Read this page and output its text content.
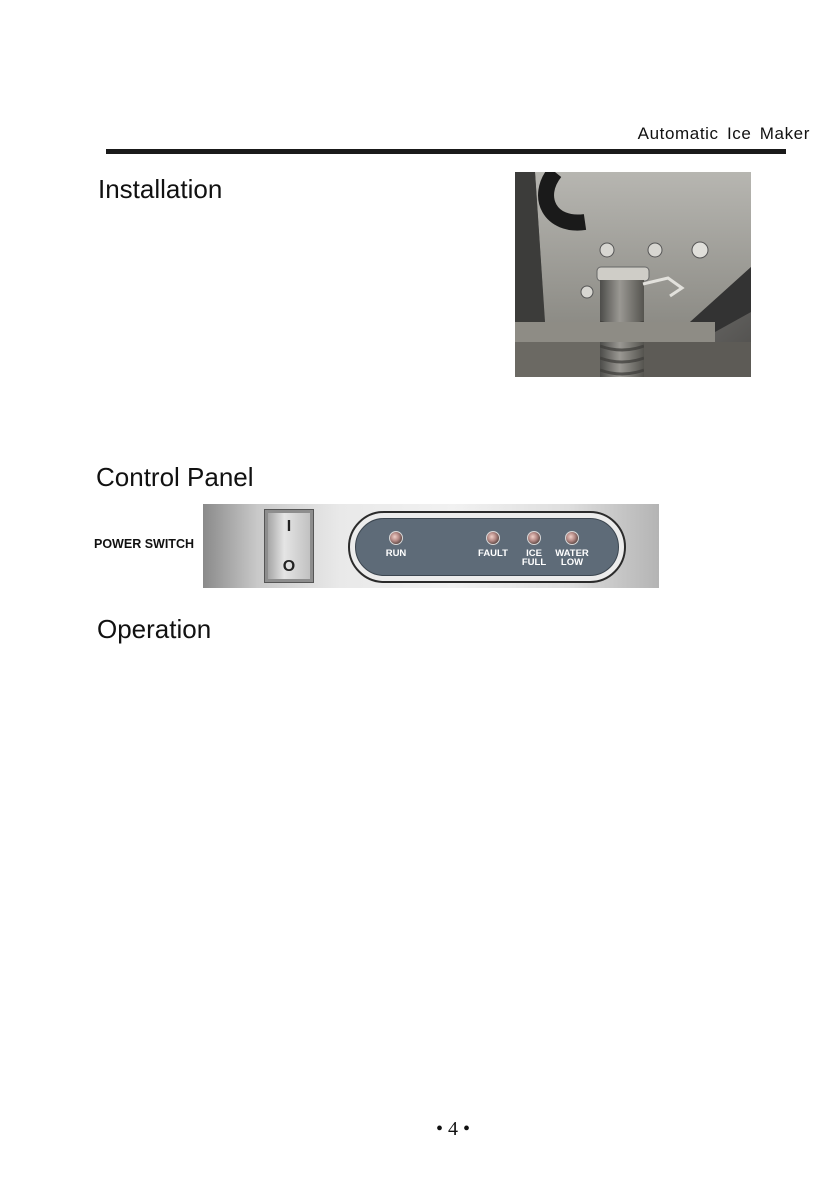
Automatic Ice Maker
Installation
Control Panel
POWER SWITCH
I
O
RUN	FAULT	ICE
FULL
WATER
LOW
Operation
• 4 •
